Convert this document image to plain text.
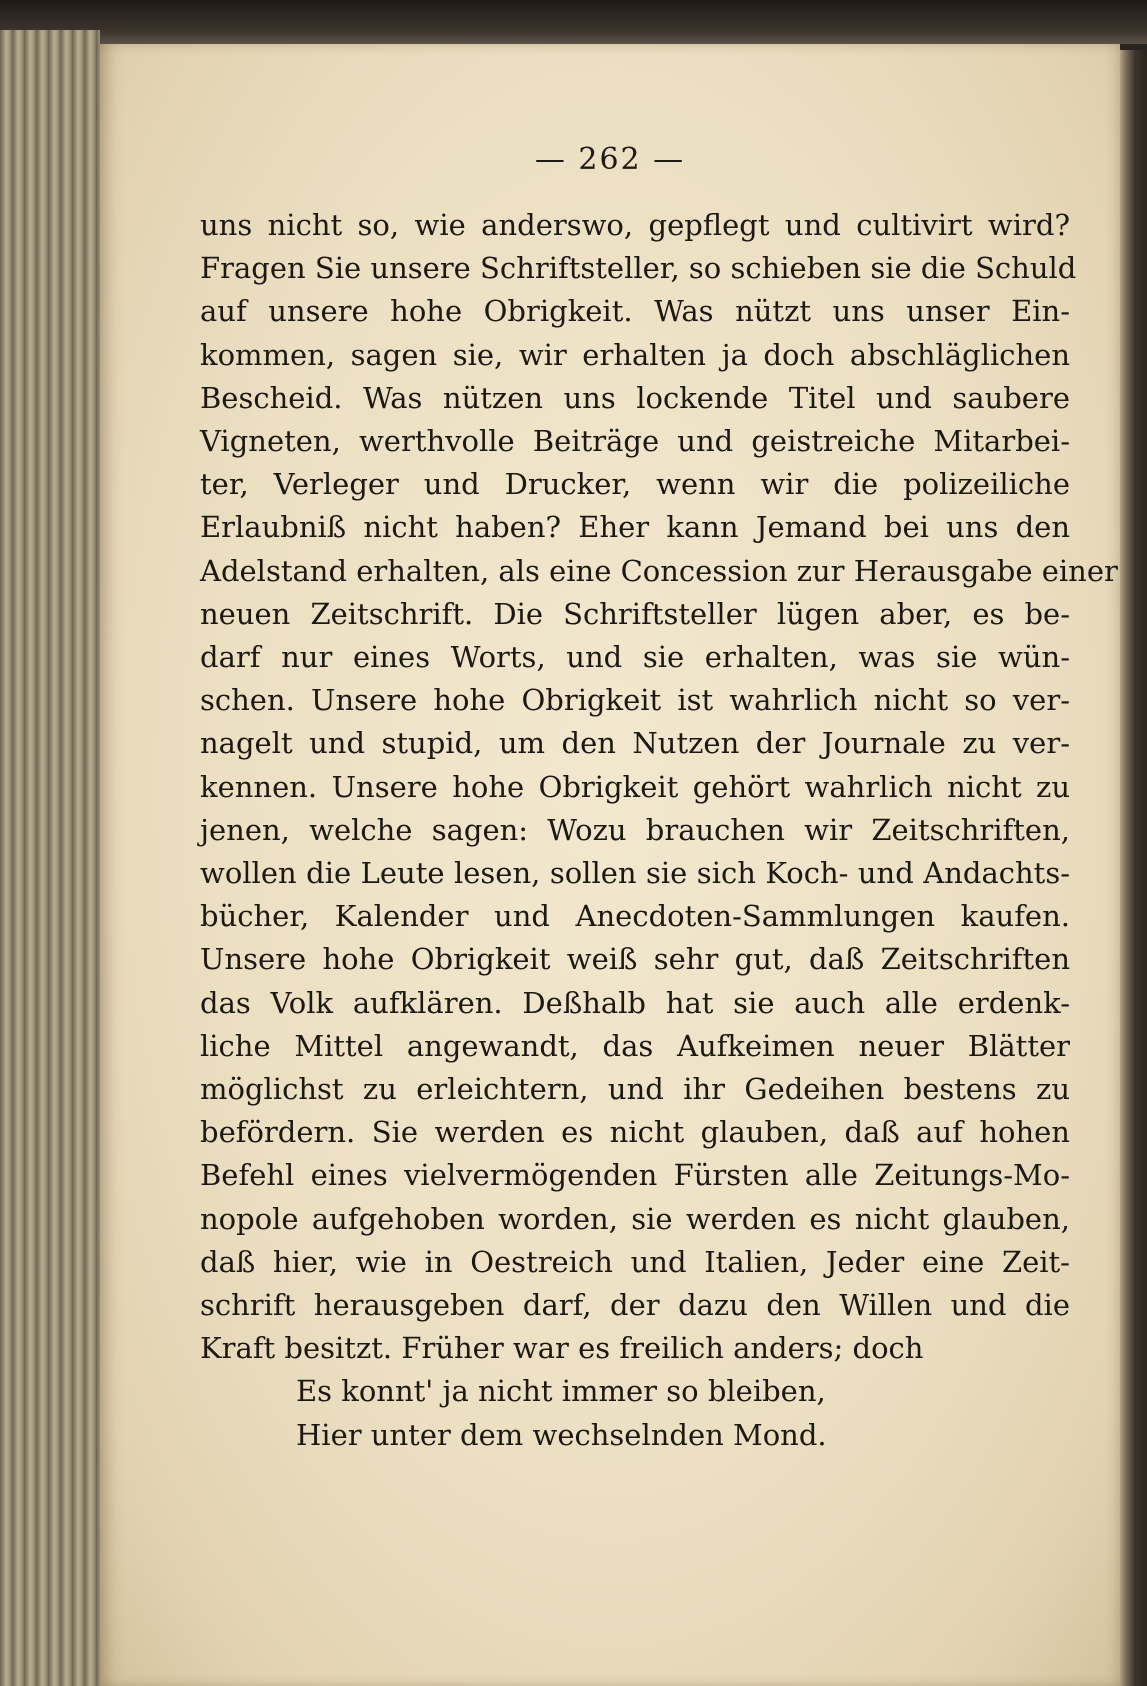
— 262 —
uns nicht so, wie anderswo, gepflegt und cultivirt wird?
Fragen Sie unsere Schriftsteller, so schieben sie die Schuld
auf unsere hohe Obrigkeit. Was nützt uns unser Ein-
kommen, sagen sie, wir erhalten ja doch abschläglichen
Bescheid. Was nützen uns lockende Titel und saubere
Vigneten, werthvolle Beiträge und geistreiche Mitarbei-
ter, Verleger und Drucker, wenn wir die polizeiliche
Erlaubniß nicht haben? Eher kann Jemand bei uns den
Adelstand erhalten, als eine Concession zur Herausgabe einer
neuen Zeitschrift. Die Schriftsteller lügen aber, es be-
darf nur eines Worts, und sie erhalten, was sie wün-
schen. Unsere hohe Obrigkeit ist wahrlich nicht so ver-
nagelt und stupid, um den Nutzen der Journale zu ver-
kennen. Unsere hohe Obrigkeit gehört wahrlich nicht zu
jenen, welche sagen: Wozu brauchen wir Zeitschriften,
wollen die Leute lesen, sollen sie sich Koch- und Andachts-
bücher, Kalender und Anecdoten-Sammlungen kaufen.
Unsere hohe Obrigkeit weiß sehr gut, daß Zeitschriften
das Volk aufklären. Deßhalb hat sie auch alle erdenk-
liche Mittel angewandt, das Aufkeimen neuer Blätter
möglichst zu erleichtern, und ihr Gedeihen bestens zu
befördern. Sie werden es nicht glauben, daß auf hohen
Befehl eines vielvermögenden Fürsten alle Zeitungs-Mo-
nopole aufgehoben worden, sie werden es nicht glauben,
daß hier, wie in Oestreich und Italien, Jeder eine Zeit-
schrift herausgeben darf, der dazu den Willen und die
Kraft besitzt. Früher war es freilich anders; doch
Es konnt' ja nicht immer so bleiben,
Hier unter dem wechselnden Mond.
